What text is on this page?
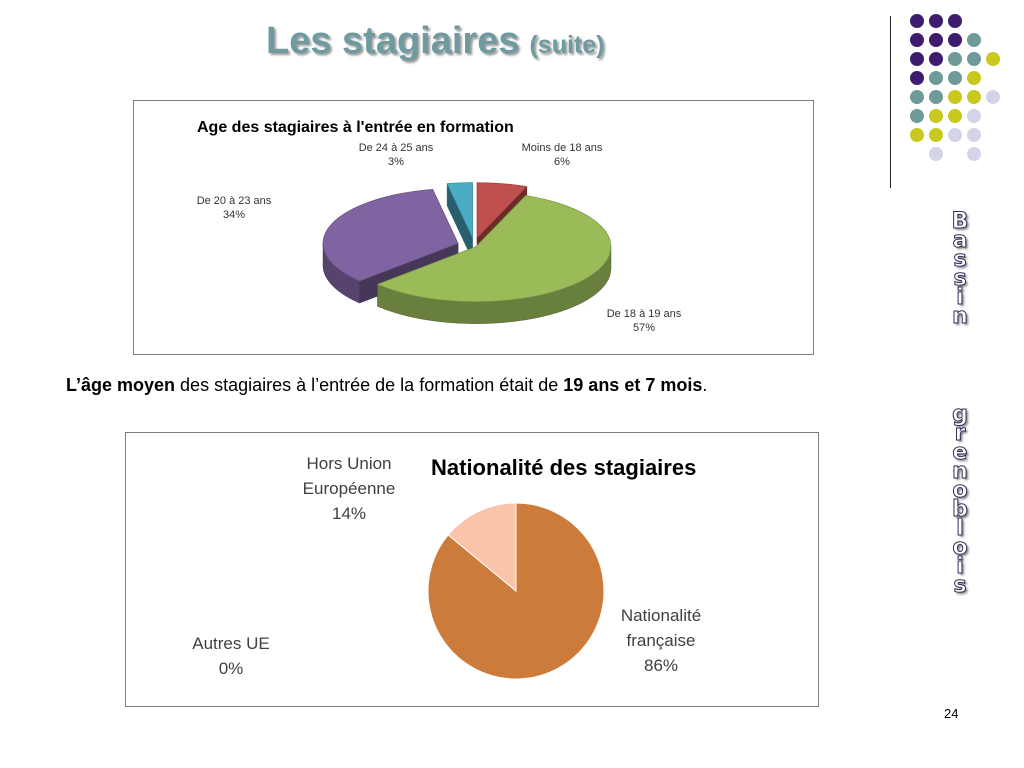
Les stagiaires (suite)
B
a
s
s
i
n
g
r
e
n
o
b
l
o
i
s
Age des stagiaires à l'entrée en formation
Moins de 18 ans
6%
De 18 à 19 ans
57%
De 20 à 23 ans
34%
De 24 à 25 ans
3%
L’âge moyen des stagiaires à l’entrée de la formation était de 19 ans et 7 mois.
Nationalité des stagiaires
Nationalité
française
86%
Autres UE
0%
Hors Union
Européenne
14%
24
